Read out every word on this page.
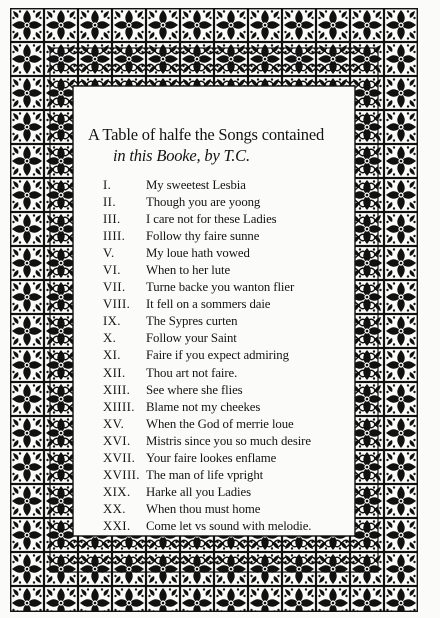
A Table of halfe the Songs contained
in this Booke, by T.C.
I.	My sweetest Lesbia
II.	Though you are yoong
III.	I care not for these Ladies
IIII.	Follow thy faire sunne
V.	My loue hath vowed
VI.	When to her lute
VII.	Turne backe you wanton flier
VIII.	It fell on a sommers daie
IX.	The Sypres curten
X.	Follow your Saint
XI.	Faire if you expect admiring
XII.	Thou art not faire.
XIII.	See where she flies
XIIII. Blame not my cheekes
XV.	When the God of merrie loue
XVI.	Mistris since you so much desire
XVII. Your faire lookes enflame
XVIII. The man of life vpright
XIX.	Harke all you Ladies
XX.	When thou must home
XXI.	Come let vs sound with melodie.
